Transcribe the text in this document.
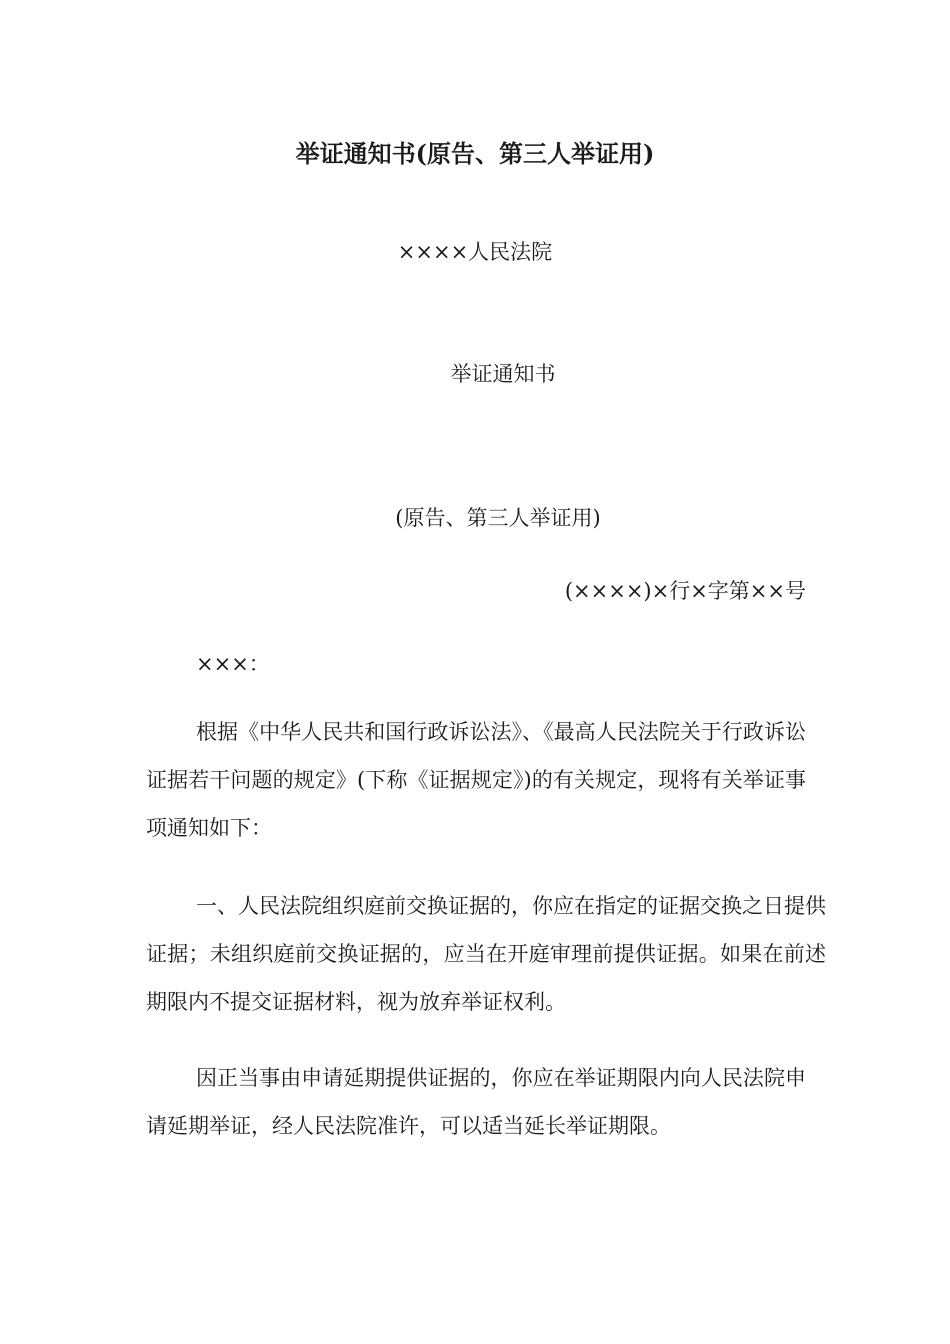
举证通知书(原告、第三人举证用)
××××人民法院
举证通知书
(原告、第三人举证用)
(××××)×行×字第××号
×××：
根据《中华人民共和国行政诉讼法》、《最高人民法院关于行政诉讼证据若干问题的规定》(下称《证据规定》)的有关规定，现将有关举证事项通知如下：
一、人民法院组织庭前交换证据的，你应在指定的证据交换之日提供证据；未组织庭前交换证据的，应当在开庭审理前提供证据。如果在前述期限内不提交证据材料，视为放弃举证权利。
因正当事由申请延期提供证据的，你应在举证期限内向人民法院申请延期举证，经人民法院准许，可以适当延长举证期限。
